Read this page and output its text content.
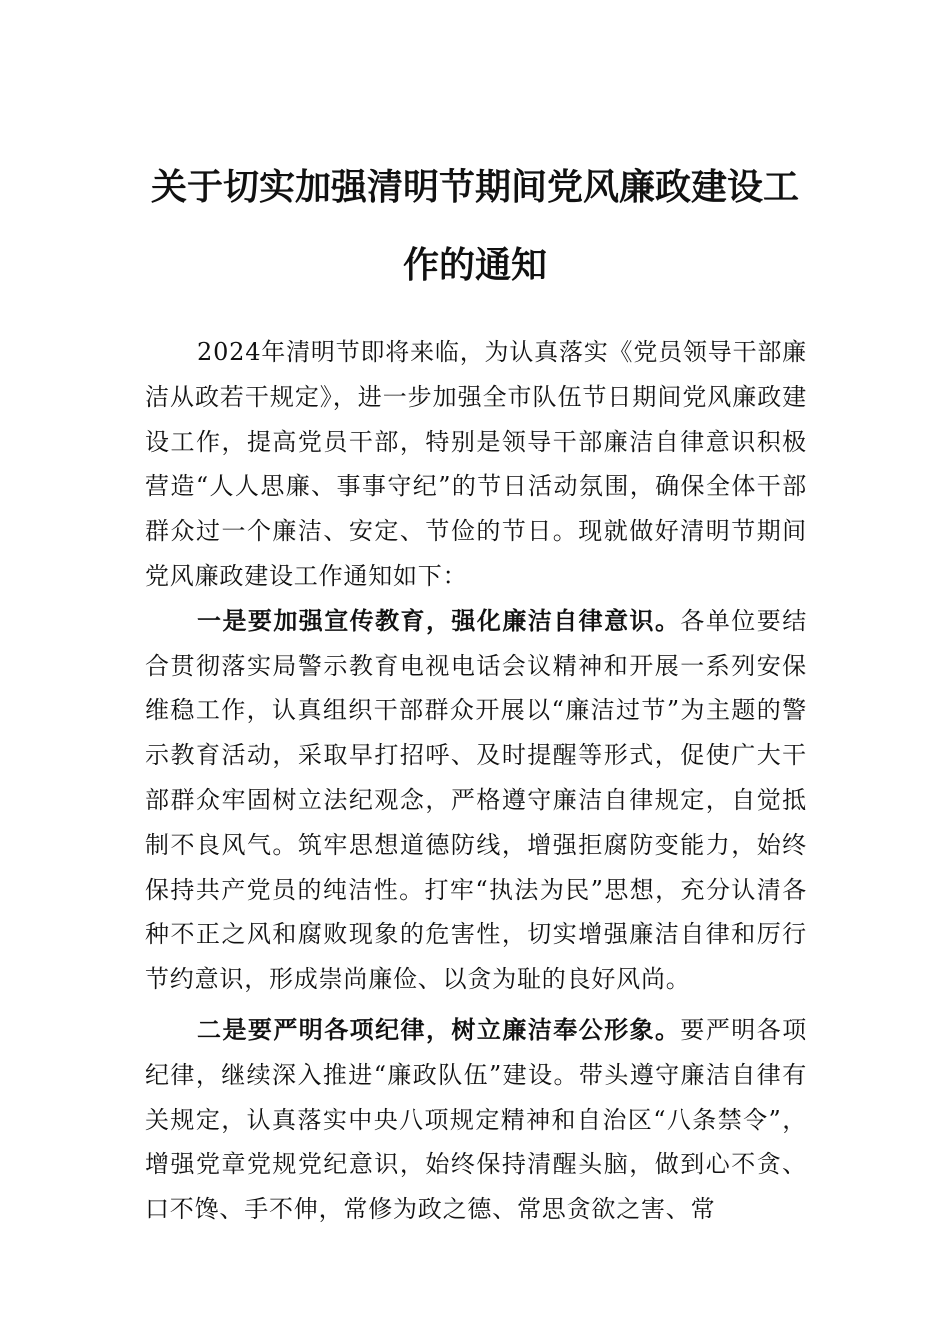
关于切实加强清明节期间党风廉政建设工作的通知

2024年清明节即将来临，为认真落实《党员领导干部廉洁从政若干规定》，进一步加强全市队伍节日期间党风廉政建设工作，提高党员干部，特别是领导干部廉洁自律意识积极营造“人人思廉、事事守纪”的节日活动氛围，确保全体干部群众过一个廉洁、安定、节俭的节日。现就做好清明节期间党风廉政建设工作通知如下：

一是要加强宣传教育，强化廉洁自律意识。各单位要结合贯彻落实局警示教育电视电话会议精神和开展一系列安保维稳工作，认真组织干部群众开展以“廉洁过节”为主题的警示教育活动，采取早打招呼、及时提醒等形式，促使广大干部群众牢固树立法纪观念，严格遵守廉洁自律规定，自觉抵制不良风气。筑牢思想道德防线，增强拒腐防变能力，始终保持共产党员的纯洁性。打牢“执法为民”思想，充分认清各种不正之风和腐败现象的危害性，切实增强廉洁自律和厉行节约意识，形成崇尚廉俭、以贪为耻的良好风尚。

二是要严明各项纪律，树立廉洁奉公形象。要严明各项纪律，继续深入推进“廉政队伍”建设。带头遵守廉洁自律有关规定，认真落实中央八项规定精神和自治区“八条禁令”，增强党章党规党纪意识，始终保持清醒头脑，做到心不贪、口不馋、手不伸，常修为政之德、常思贪欲之害、常
